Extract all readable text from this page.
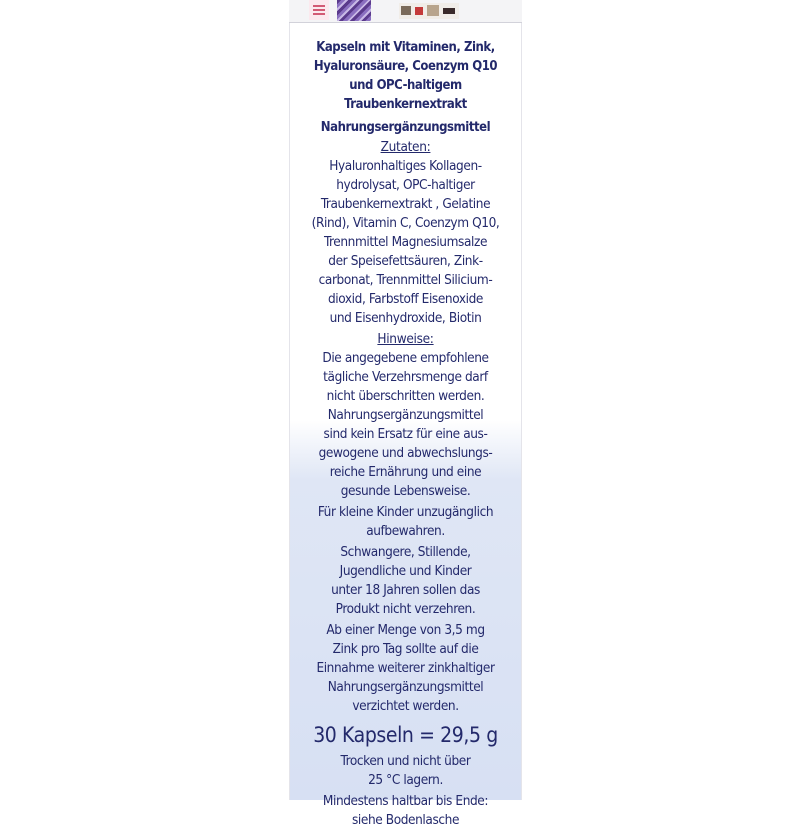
Kapseln mit Vitaminen, Zink,
Hyaluronsäure, Coenzym Q10
und OPC-haltigem
Traubenkernextrakt
Nahrungsergänzungsmittel
Zutaten:
Hyaluronhaltiges Kollagen-
hydrolysat, OPC-haltiger
Traubenkernextrakt , Gelatine
(Rind), Vitamin C, Coenzym Q10,
Trennmittel Magnesiumsalze
der Speisefettsäuren, Zink-
carbonat, Trennmittel Silicium-
dioxid, Farbstoff Eisenoxide
und Eisenhydroxide, Biotin
Hinweise:
Die angegebene empfohlene
tägliche Verzehrsmenge darf
nicht überschritten werden.
Nahrungsergänzungsmittel
sind kein Ersatz für eine aus-
gewogene und abwechslungs-
reiche Ernährung und eine
gesunde Lebensweise.
Für kleine Kinder unzugänglich
aufbewahren.
Schwangere, Stillende,
Jugendliche und Kinder
unter 18 Jahren sollen das
Produkt nicht verzehren.
Ab einer Menge von 3,5 mg
Zink pro Tag sollte auf die
Einnahme weiterer zinkhaltiger
Nahrungsergänzungsmittel
verzichtet werden.
30 Kapseln = 29,5 g
Trocken und nicht über
25 °C lagern.
Mindestens haltbar bis Ende:
siehe Bodenlasche
